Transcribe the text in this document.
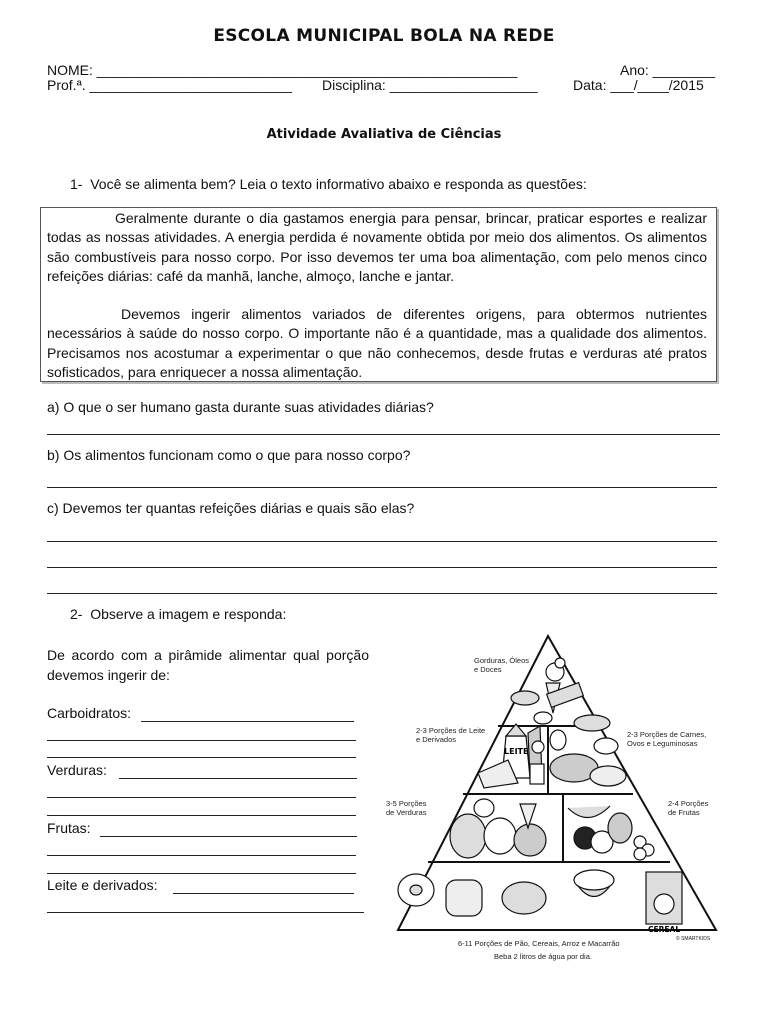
ESCOLA MUNICIPAL BOLA NA REDE
NOME: ______________________________________________________	Ano: ________
Prof.ª. __________________________ Disciplina: ___________________	Data: ___/____/2015
Atividade Avaliativa de Ciências
1-  Você se alimenta bem? Leia o texto informativo abaixo e responda as questões:

Geralmente durante o dia gastamos energia para pensar, brincar, praticar esportes e realizar todas as nossas atividades. A energia perdida é novamente obtida por meio dos alimentos. Os alimentos são combustíveis para nosso corpo. Por isso devemos ter uma boa alimentação, com pelo menos cinco refeições diárias: café da manhã, lanche, almoço, lanche e jantar.

Devemos ingerir alimentos variados de diferentes origens, para obtermos nutrientes necessários à saúde do nosso corpo. O importante não é a quantidade, mas a qualidade dos alimentos. Precisamos nos acostumar a experimentar o que não conhecemos, desde frutas e verduras até pratos sofisticados, para enriquecer a nossa alimentação.

a) O que o ser humano gasta durante suas atividades diárias?
b) Os alimentos funcionam como o que para nosso corpo?
c) Devemos ter quantas refeições diárias e quais são elas?
2-  Observe a imagem e responda:
De acordo com a pirâmide alimentar qual porção devemos ingerir de:
Carboidratos:
Verduras:
Frutas:
Leite e derivados:
LEITE
CEREAL
Gorduras, Óleos e Doces
2-3 Porções de Leite e Derivados
2-3 Porções de Carnes, Ovos e Leguminosas
3-5 Porções de Verduras
2-4 Porções de Frutas
6-11 Porções de Pão, Cereais, Arroz e Macarrão
Beba 2 litros de água por dia.
© SMARTKIDS
